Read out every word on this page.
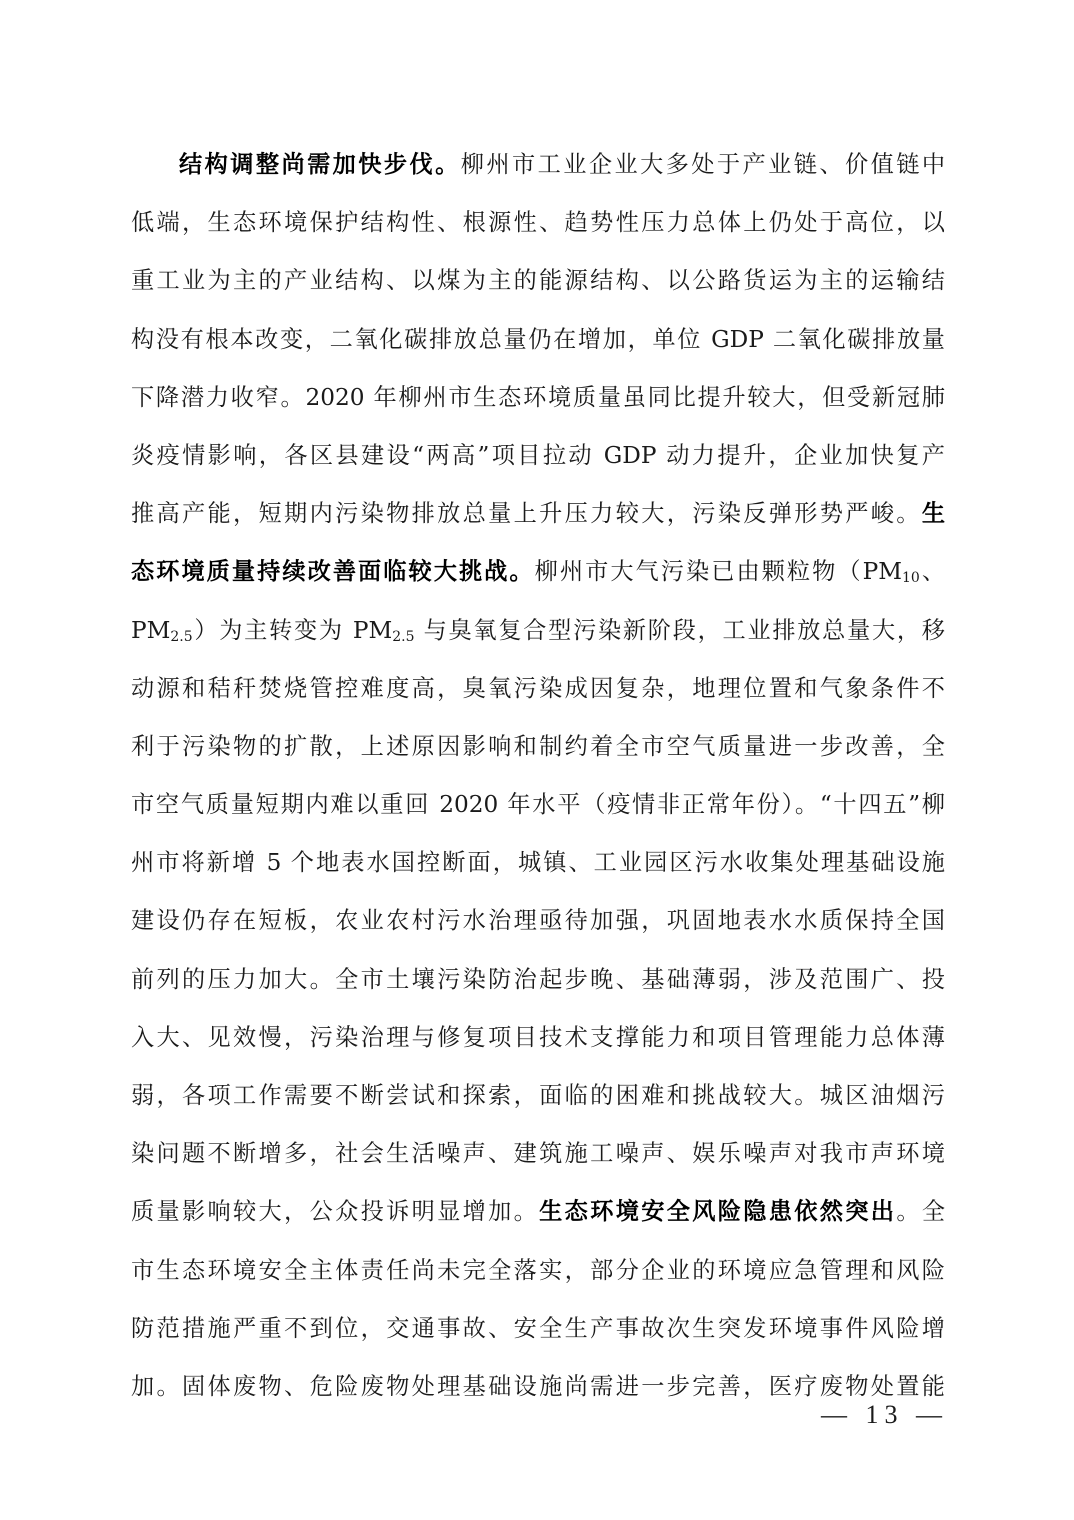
结构调整尚需加快步伐。柳州市工业企业大多处于产业链、价值链中
低端，生态环境保护结构性、根源性、趋势性压力总体上仍处于高位，以
重工业为主的产业结构、以煤为主的能源结构、以公路货运为主的运输结
构没有根本改变，二氧化碳排放总量仍在增加，单位 GDP 二氧化碳排放量
下降潜力收窄。2020 年柳州市生态环境质量虽同比提升较大，但受新冠肺
炎疫情影响，各区县建设“两高”项目拉动 GDP 动力提升，企业加快复产
推高产能，短期内污染物排放总量上升压力较大，污染反弹形势严峻。生
态环境质量持续改善面临较大挑战。柳州市大气污染已由颗粒物（$PM_{10}$、
$PM_{2.5}$）为主转变为 $PM_{2.5}$ 与臭氧复合型污染新阶段，工业排放总量大，移
动源和秸秆焚烧管控难度高，臭氧污染成因复杂，地理位置和气象条件不
利于污染物的扩散，上述原因影响和制约着全市空气质量进一步改善，全
市空气质量短期内难以重回 2020 年水平（疫情非正常年份）。“十四五”柳
州市将新增 5 个地表水国控断面，城镇、工业园区污水收集处理基础设施
建设仍存在短板，农业农村污水治理亟待加强，巩固地表水水质保持全国
前列的压力加大。全市土壤污染防治起步晚、基础薄弱，涉及范围广、投
入大、见效慢，污染治理与修复项目技术支撑能力和项目管理能力总体薄
弱，各项工作需要不断尝试和探索，面临的困难和挑战较大。城区油烟污
染问题不断增多，社会生活噪声、建筑施工噪声、娱乐噪声对我市声环境
质量影响较大，公众投诉明显增加。生态环境安全风险隐患依然突出。全
市生态环境安全主体责任尚未完全落实，部分企业的环境应急管理和风险
防范措施严重不到位，交通事故、安全生产事故次生突发环境事件风险增
加。固体废物、危险废物处理基础设施尚需进一步完善，医疗废物处置能
— 13 —
